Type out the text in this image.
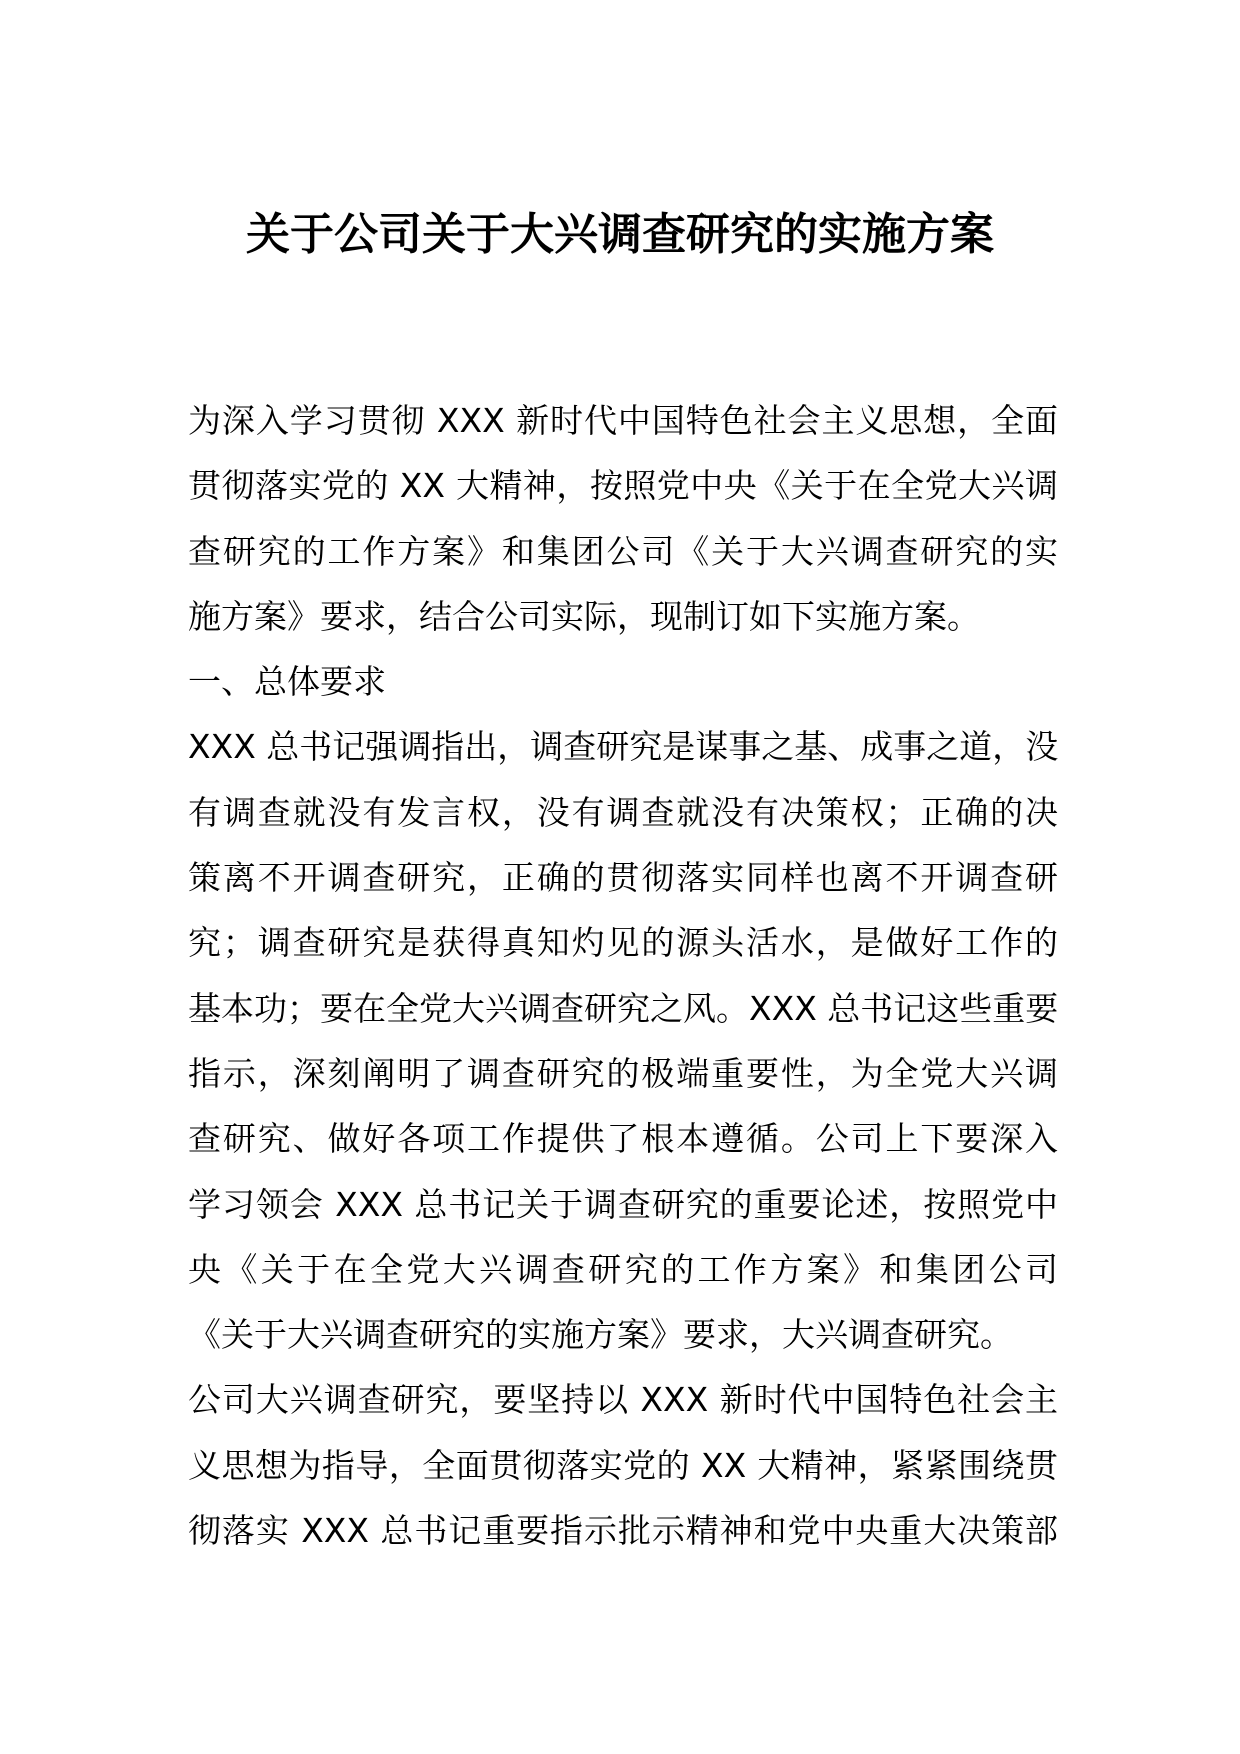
关于公司关于大兴调查研究的实施方案
为深入学习贯彻 XXX 新时代中国特色社会主义思想，全面
贯彻落实党的 XX 大精神，按照党中央《关于在全党大兴调
查研究的工作方案》和集团公司《关于大兴调查研究的实
施方案》要求，结合公司实际，现制订如下实施方案。
一、总体要求
XXX 总书记强调指出，调查研究是谋事之基、成事之道，没
有调查就没有发言权，没有调查就没有决策权；正确的决
策离不开调查研究，正确的贯彻落实同样也离不开调查研
究；调查研究是获得真知灼见的源头活水，是做好工作的
基本功；要在全党大兴调查研究之风。XXX 总书记这些重要
指示，深刻阐明了调查研究的极端重要性，为全党大兴调
查研究、做好各项工作提供了根本遵循。公司上下要深入
学习领会 XXX 总书记关于调查研究的重要论述，按照党中
央《关于在全党大兴调查研究的工作方案》和集团公司
《关于大兴调查研究的实施方案》要求，大兴调查研究。
公司大兴调查研究，要坚持以 XXX 新时代中国特色社会主
义思想为指导，全面贯彻落实党的 XX 大精神，紧紧围绕贯
彻落实 XXX 总书记重要指示批示精神和党中央重大决策部
